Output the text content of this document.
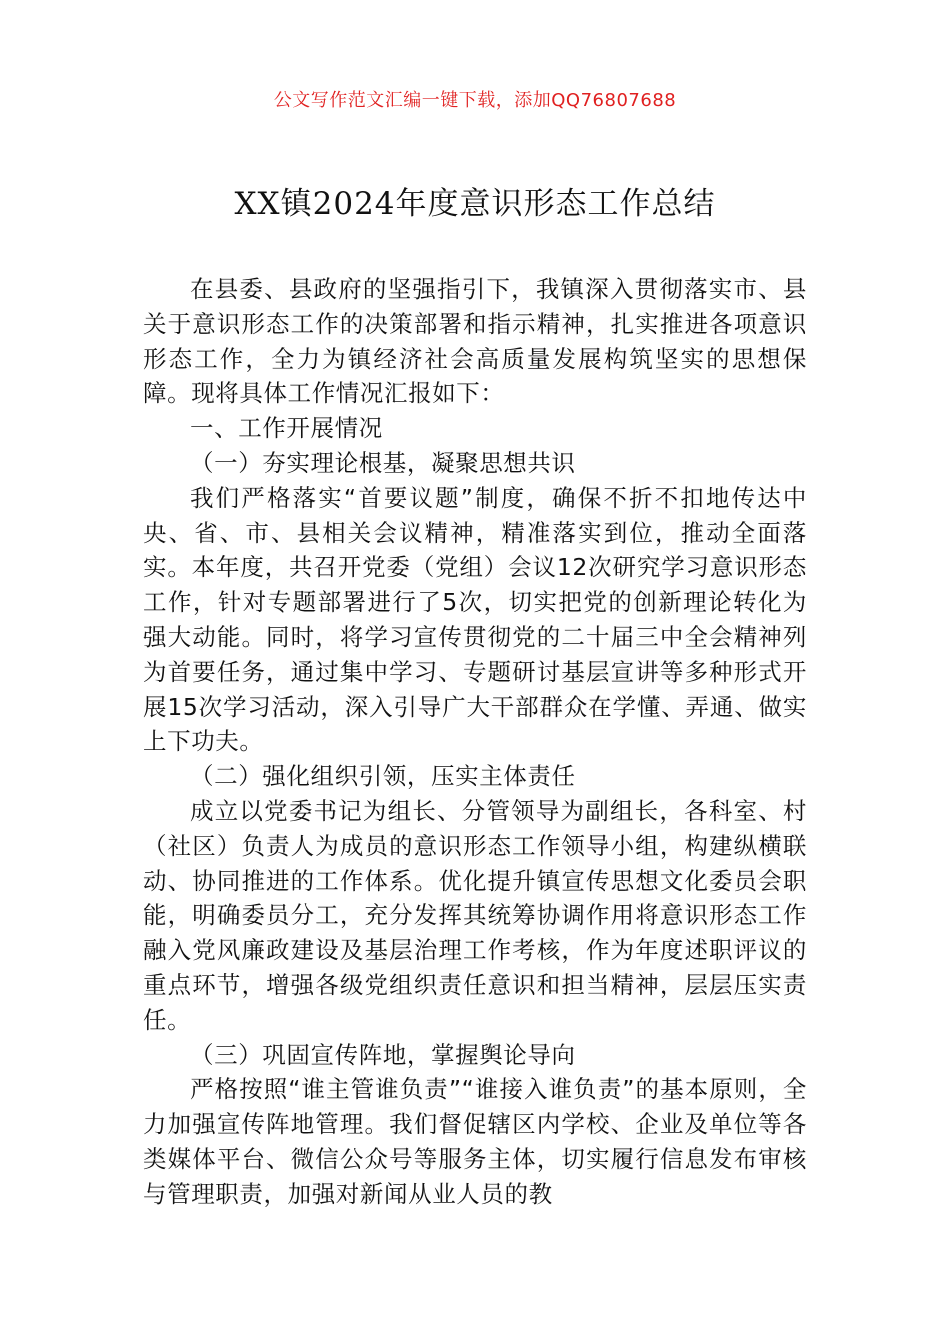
公文写作范文汇编一键下载，添加QQ76807688
XX镇2024年度意识形态工作总结

在县委、县政府的坚强指引下，我镇深入贯彻落实市、县关于意识形态工作的决策部署和指示精神，扎实推进各项意识形态工作，全力为镇经济社会高质量发展构筑坚实的思想保障。现将具体工作情况汇报如下：

一、工作开展情况

（一）夯实理论根基，凝聚思想共识

我们严格落实“首要议题”制度，确保不折不扣地传达中央、省、市、县相关会议精神，精准落实到位，推动全面落实。本年度，共召开党委（党组）会议12次研究学习意识形态工作，针对专题部署进行了5次，切实把党的创新理论转化为强大动能。同时，将学习宣传贯彻党的二十届三中全会精神列为首要任务，通过集中学习、专题研讨基层宣讲等多种形式开展15次学习活动，深入引导广大干部群众在学懂、弄通、做实上下功夫。

（二）强化组织引领，压实主体责任

成立以党委书记为组长、分管领导为副组长，各科室、村（社区）负责人为成员的意识形态工作领导小组，构建纵横联动、协同推进的工作体系。优化提升镇宣传思想文化委员会职能，明确委员分工，充分发挥其统筹协调作用将意识形态工作融入党风廉政建设及基层治理工作考核，作为年度述职评议的重点环节，增强各级党组织责任意识和担当精神，层层压实责任。

（三）巩固宣传阵地，掌握舆论导向

严格按照“谁主管谁负责”“谁接入谁负责”的基本原则，全力加强宣传阵地管理。我们督促辖区内学校、企业及单位等各类媒体平台、微信公众号等服务主体，切实履行信息发布审核与管理职责，加强对新闻从业人员的教
